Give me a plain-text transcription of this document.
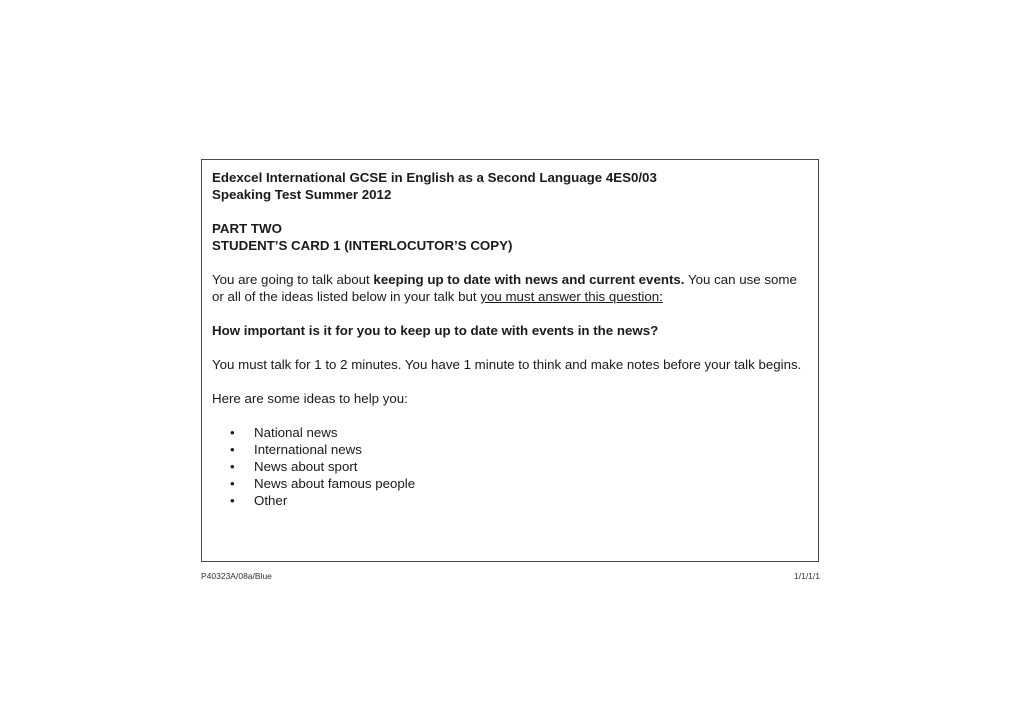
Edexcel International GCSE in English as a Second Language 4ES0/03

Speaking Test Summer 2012

PART TWO

STUDENT’S CARD 1 (INTERLOCUTOR’S COPY)

You are going to talk about keeping up to date with news and current events. You can use some or all of the ideas listed below in your talk but you must answer this question:

How important is it for you to keep up to date with events in the news?

You must talk for 1 to 2 minutes. You have 1 minute to think and make notes before your talk begins.

Here are some ideas to help you:

• National news
• International news
• News about sport
• News about famous people
• Other
P40323A/08a/Blue	1/1/1/1
